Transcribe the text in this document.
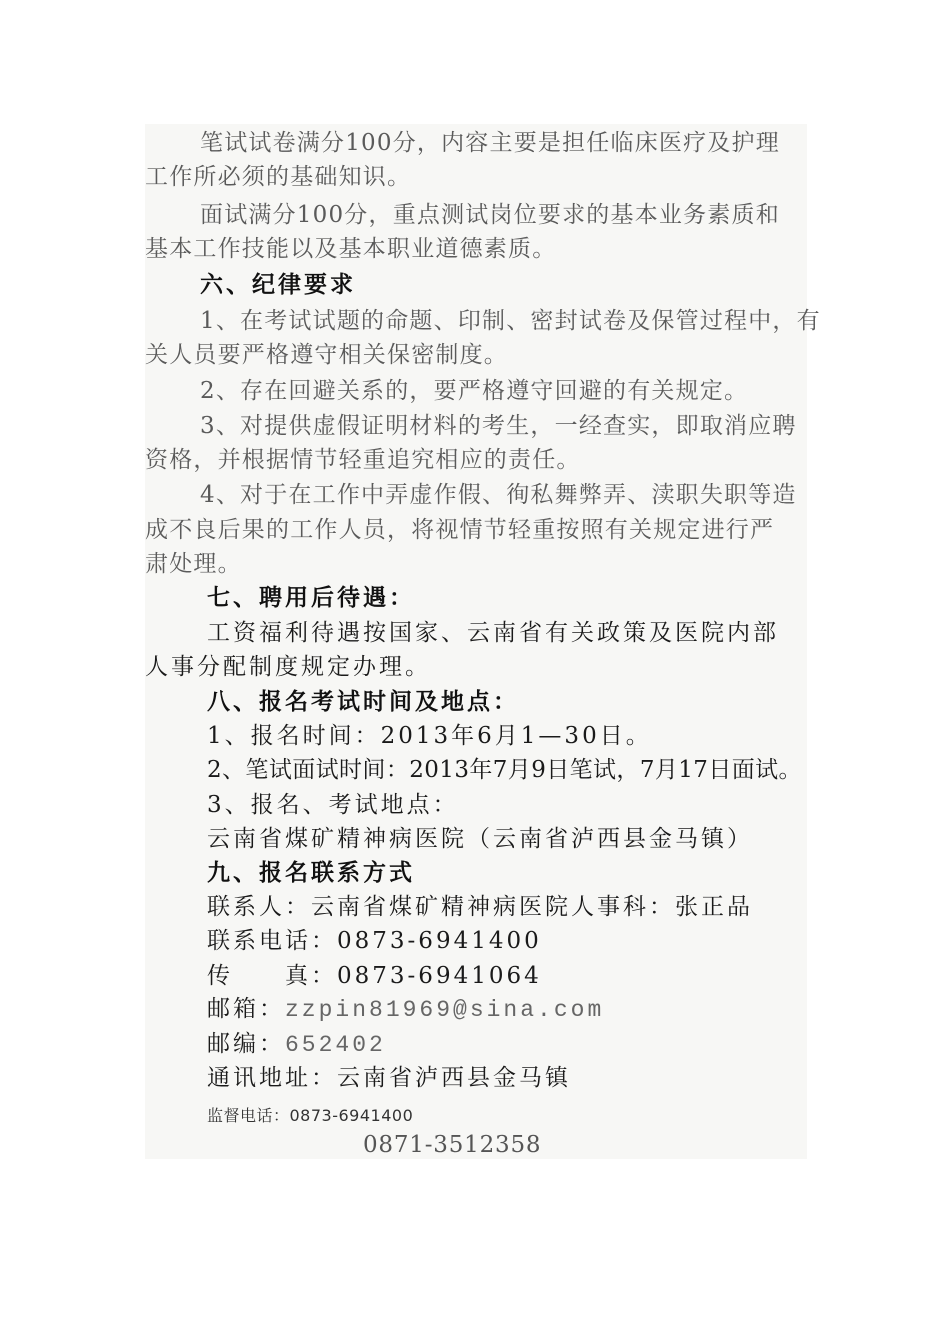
笔试试卷满分100分，内容主要是担任临床医疗及护理
工作所必须的基础知识。
面试满分100分，重点测试岗位要求的基本业务素质和
基本工作技能以及基本职业道德素质。
六、纪律要求
1、在考试试题的命题、印制、密封试卷及保管过程中，有
关人员要严格遵守相关保密制度。
2、存在回避关系的，要严格遵守回避的有关规定。
3、对提供虚假证明材料的考生，一经查实，即取消应聘
资格，并根据情节轻重追究相应的责任。
4、对于在工作中弄虚作假、徇私舞弊弄、渎职失职等造
成不良后果的工作人员，将视情节轻重按照有关规定进行严
肃处理。
七、聘用后待遇：
工资福利待遇按国家、云南省有关政策及医院内部
人事分配制度规定办理。
八、报名考试时间及地点：
1、报名时间：2013年6月1—30日。
2、笔试面试时间：2013年7月9日笔试，7月17日面试。
3、报名、考试地点：
云南省煤矿精神病医院（云南省泸西县金马镇）
九、报名联系方式
联系人：云南省煤矿精神病医院人事科：张正品
联系电话：0873-6941400
传　　真：0873-6941064
邮箱：zzpin81969@sina.com
邮编：652402
通讯地址：云南省泸西县金马镇
监督电话：0873-6941400
0871-3512358
